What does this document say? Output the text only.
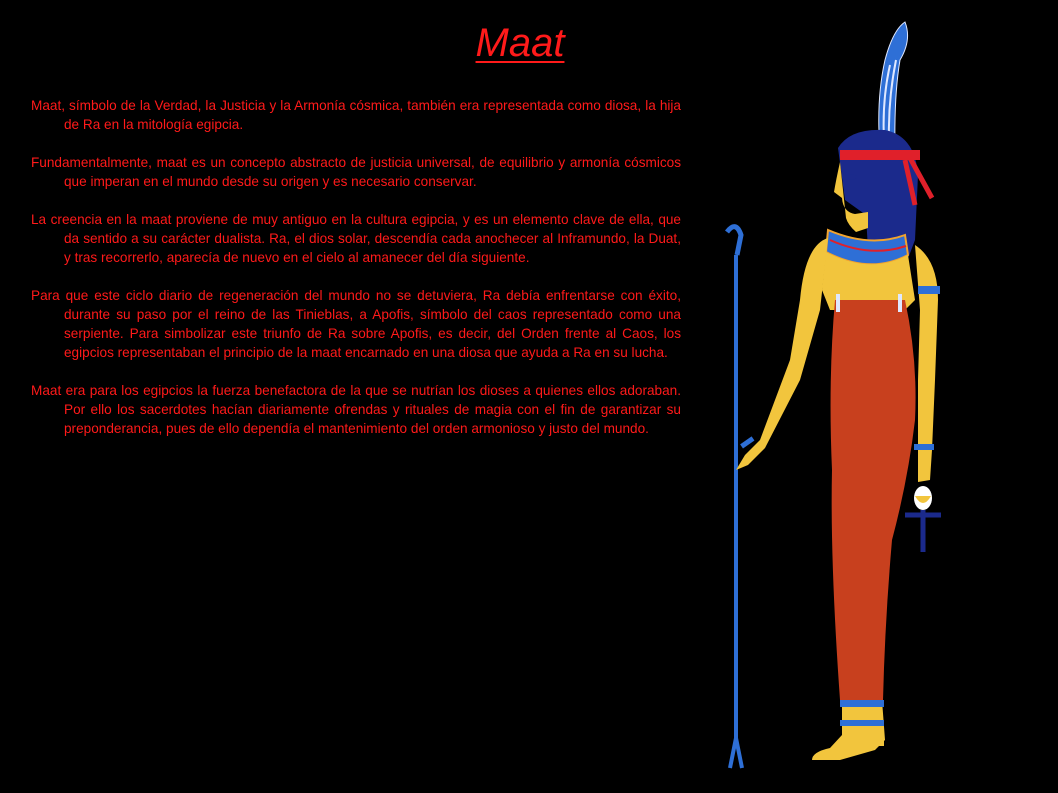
Maat

Maat, símbolo de la Verdad, la Justicia y la Armonía cósmica, también era representada como diosa, la hija de Ra en la mitología egipcia.

Fundamentalmente, maat es un concepto abstracto de justicia universal, de equilibrio y armonía cósmicos que imperan en el mundo desde su origen y es necesario conservar.

La creencia en la maat proviene de muy antiguo en la cultura egipcia, y es un elemento clave de ella, que da sentido a su carácter dualista. Ra, el dios solar, descendía cada anochecer al Inframundo, la Duat, y tras recorrerlo, aparecía de nuevo en el cielo al amanecer del día siguiente.

Para que este ciclo diario de regeneración del mundo no se detuviera, Ra debía enfrentarse con éxito, durante su paso por el reino de las Tinieblas, a Apofis, símbolo del caos representado como una serpiente. Para simbolizar este triunfo de Ra sobre Apofis, es decir, del Orden frente al Caos, los egipcios representaban el principio de la maat encarnado en una diosa que ayuda a Ra en su lucha.

Maat era para los egipcios la fuerza benefactora de la que se nutrían los dioses a quienes ellos adoraban. Por ello los sacerdotes hacían diariamente ofrendas y rituales de magia con el fin de garantizar su preponderancia, pues de ello dependía el mantenimiento del orden armonioso y justo del mundo.
